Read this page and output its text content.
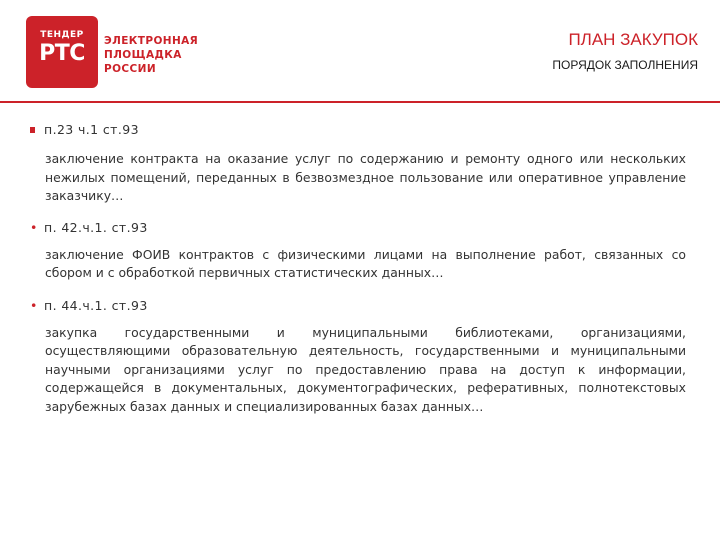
ТЕНДЕР
РТС	ЭЛЕКТРОННАЯ
ПЛОЩАДКА
РОССИИ
ПЛАН ЗАКУПОК
ПОРЯДОК ЗАПОЛНЕНИЯ
п.23 ч.1 ст.93
заключение контракта на оказание услуг по содержанию и ремонту одного или нескольких нежилых помещений, переданных в безвозмездное пользование или оперативное управление заказчику…
• п. 42.ч.1. ст.93
заключение ФОИВ контрактов с физическими лицами на выполнение работ, связанных со сбором и с обработкой первичных статистических данных…
• п. 44.ч.1. ст.93
закупка государственными и муниципальными библиотеками, организациями, осуществляющими образовательную деятельность, государственными и муниципальными научными организациями услуг по предоставлению права на доступ к информации, содержащейся в документальных, документографических, реферативных, полнотекстовых зарубежных базах данных и специализированных базах данных…
